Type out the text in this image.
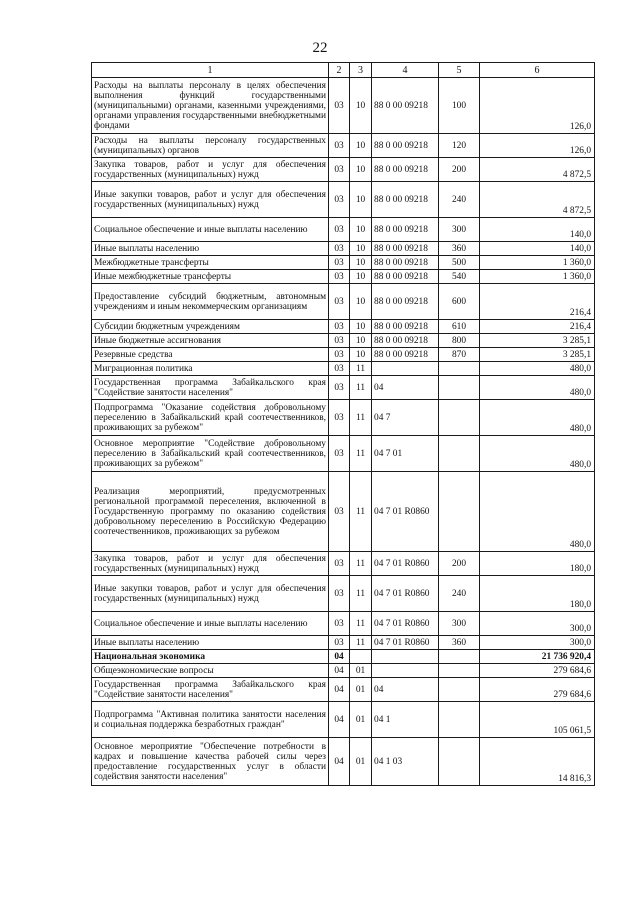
22
1	2	3	4	5	6
Расходы на выплаты персоналу в целях обеспечения выполнения функций государственными (муниципальными) органами, казенными учреждениями, органами управления государственными внебюджетными фондами	03	10	88 0 00 09218	100	126,0
Расходы на выплаты персоналу государственных (муниципальных) органов	03	10	88 0 00 09218	120	126,0
Закупка товаров, работ и услуг для обеспечения государственных (муниципальных) нужд	03	10	88 0 00 09218	200	4 872,5
Иные закупки товаров, работ и услуг для обеспечения государственных (муниципальных) нужд	03	10	88 0 00 09218	240	4 872,5
Социальное обеспечение и иные выплаты населению	03	10	88 0 00 09218	300	140,0
Иные выплаты населению	03	10	88 0 00 09218	360	140,0
Межбюджетные трансферты	03	10	88 0 00 09218	500	1 360,0
Иные межбюджетные трансферты	03	10	88 0 00 09218	540	1 360,0
Предоставление субсидий бюджетным, автономным учреждениям и иным некоммерческим организациям	03	10	88 0 00 09218	600	216,4
Субсидии бюджетным учреждениям	03	10	88 0 00 09218	610	216,4
Иные бюджетные ассигнования	03	10	88 0 00 09218	800	3 285,1
Резервные средства	03	10	88 0 00 09218	870	3 285,1
Миграционная политика	03	11			480,0
Государственная программа Забайкальского края "Содействие занятости населения"	03	11	04		480,0
Подпрограмма "Оказание содействия добровольному переселению в Забайкальский край соотечественников, проживающих за рубежом"	03	11	04 7		480,0
Основное мероприятие "Содействие добровольному переселению в Забайкальский край соотечественников, проживающих за рубежом"	03	11	04 7 01		480,0
Реализация мероприятий, предусмотренных региональной программой переселения, включенной в Государственную программу по оказанию содействия добровольному переселению в Российскую Федерацию соотечественников, проживающих за рубежом	03	11	04 7 01 R0860		480,0
Закупка товаров, работ и услуг для обеспечения государственных (муниципальных) нужд	03	11	04 7 01 R0860	200	180,0
Иные закупки товаров, работ и услуг для обеспечения государственных (муниципальных) нужд	03	11	04 7 01 R0860	240	180,0
Социальное обеспечение и иные выплаты населению	03	11	04 7 01 R0860	300	300,0
Иные выплаты населению	03	11	04 7 01 R0860	360	300,0
Национальная экономика	04				21 736 920,4
Общеэкономические вопросы	04	01			279 684,6
Государственная программа Забайкальского края "Содействие занятости населения"	04	01	04		279 684,6
Подпрограмма "Активная политика занятости населения и социальная поддержка безработных граждан"	04	01	04 1		105 061,5
Основное мероприятие "Обеспечение потребности в кадрах и повышение качества рабочей силы через предоставление государственных услуг в области содействия занятости населения"	04	01	04 1 03		14 816,3
